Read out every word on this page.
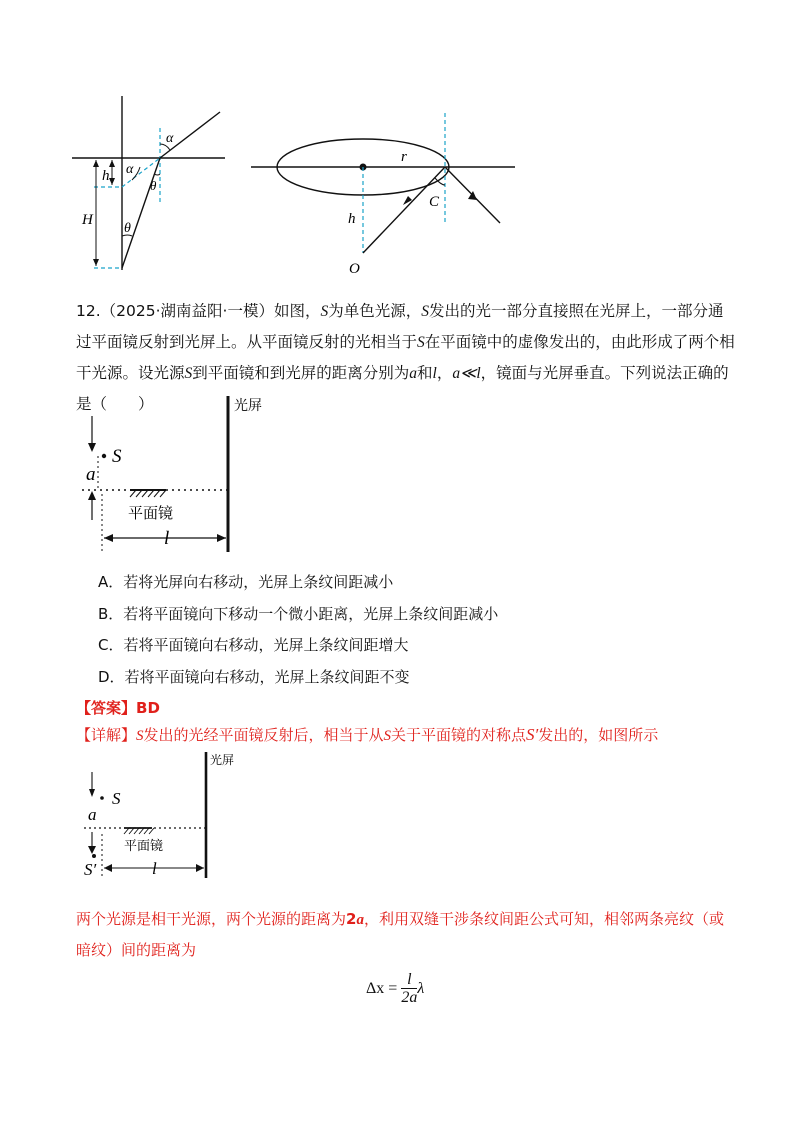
α
α
θ
θ
h
H
r
C
h
O
12.（2025·湖南益阳·一模）如图，S为单色光源，S发出的光一部分直接照在光屏上，一部分通过平面镜反射到光屏上。从平面镜反射的光相当于S在平面镜中的虚像发出的，由此形成了两个相干光源。设光源S到平面镜和到光屏的距离分别为a和l，a≪l，镜面与光屏垂直。下列说法正确的是（　　）	光屏
S
a
平面镜
l
A．若将光屏向右移动，光屏上条纹间距减小
B．若将平面镜向下移动一个微小距离，光屏上条纹间距减小
C．若将平面镜向右移动，光屏上条纹间距增大
D．若将平面镜向右移动，光屏上条纹间距不变
【答案】BD
【详解】S发出的光经平面镜反射后，相当于从S关于平面镜的对称点S′发出的，如图所示
光屏
S
a
平面镜
S′	l
两个光源是相干光源，两个光源的距离为2a，利用双缝干涉条纹间距公式可知，相邻两条亮纹（或暗纹）间的距离为
$\Delta x = \frac{l}{2a}$ λ
